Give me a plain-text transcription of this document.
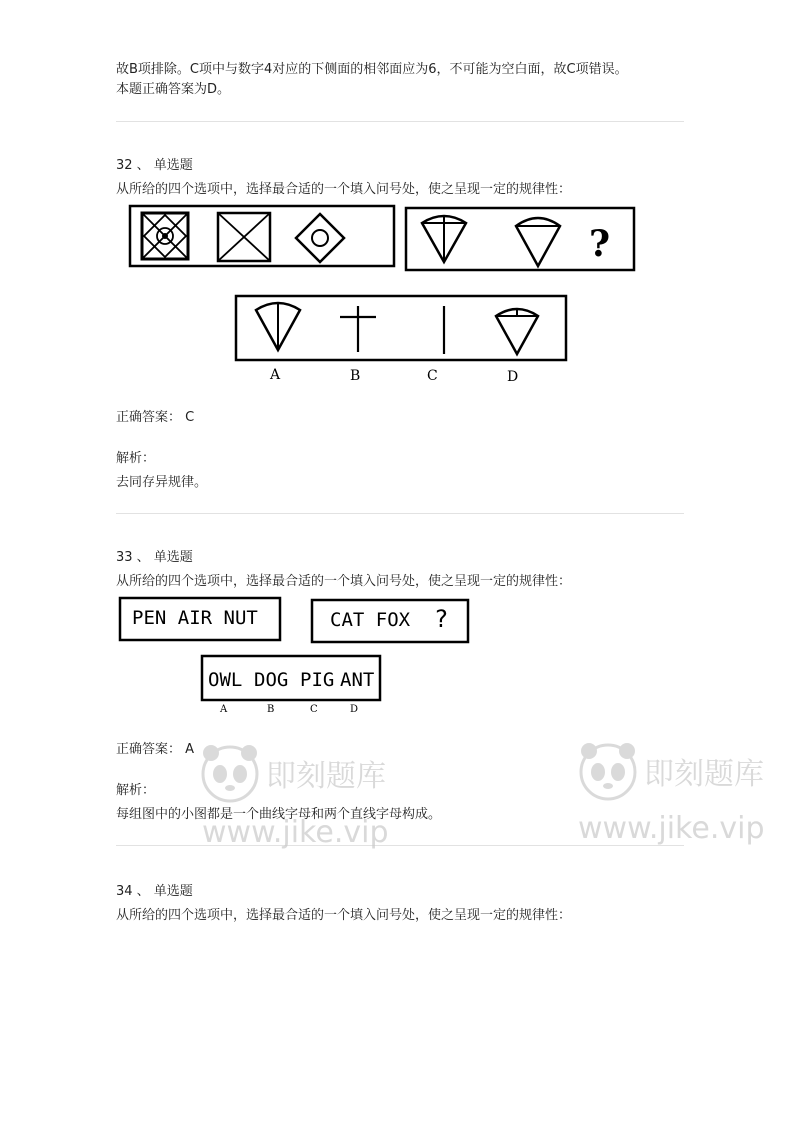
故B项排除。C项中与数字4对应的下侧面的相邻面应为6，不可能为空白面，故C项错误。
本题正确答案为D。
32 、 单选题
从所给的四个选项中，选择最合适的一个填入问号处，使之呈现一定的规律性：
?
A	B	C	D
正确答案： C
解析：
去同存异规律。
33 、 单选题
从所给的四个选项中，选择最合适的一个填入问号处，使之呈现一定的规律性：
PEN AIR NUT	CAT FOX ?
OWL DOG PIG ANT
A	B	C	D
正确答案： A
解析：
每组图中的小图都是一个曲线字母和两个直线字母构成。
34 、 单选题
从所给的四个选项中，选择最合适的一个填入问号处，使之呈现一定的规律性：
即刻题库
www.jike.vip
即刻题库
www.jike.vip
